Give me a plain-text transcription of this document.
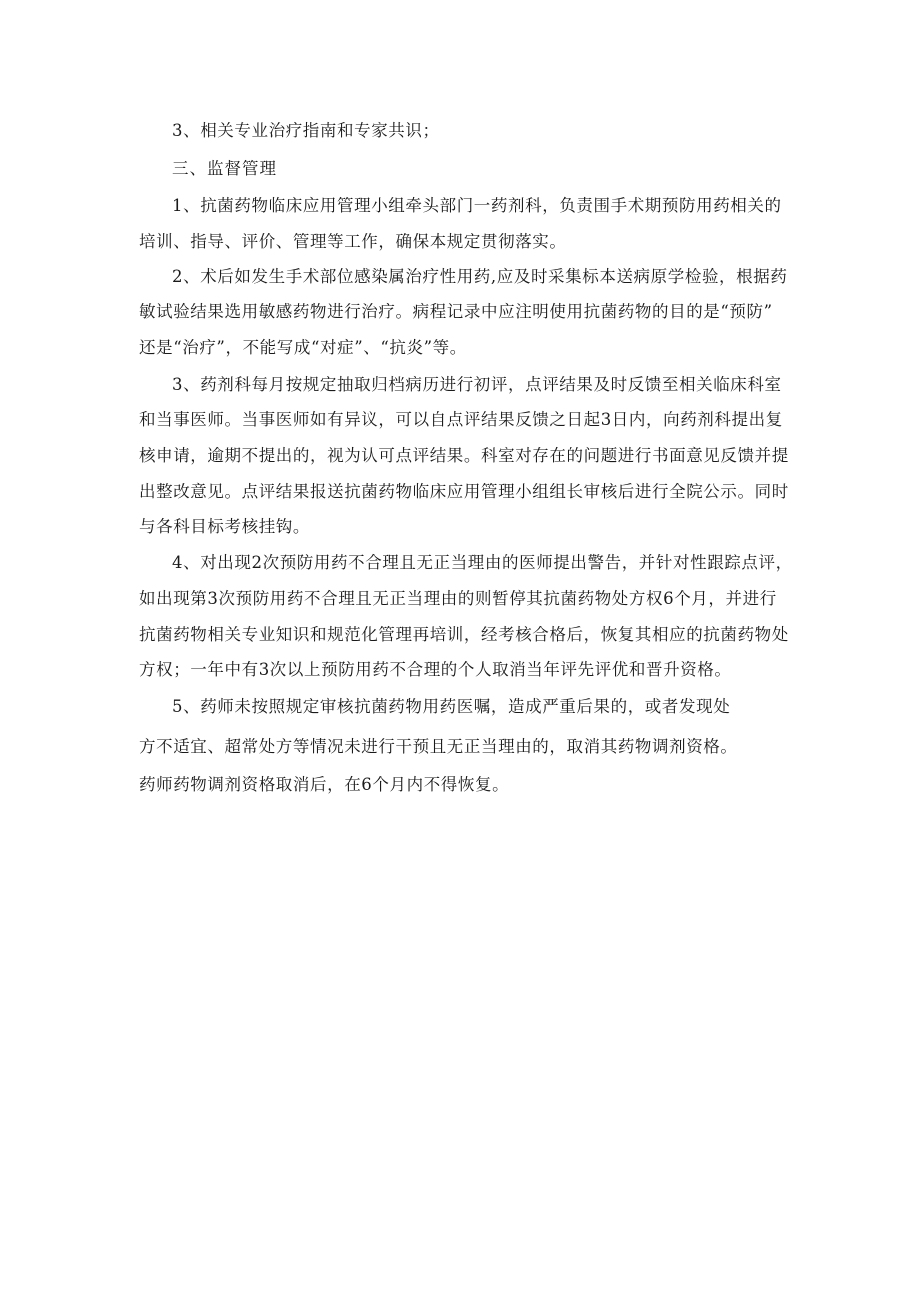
3、相关专业治疗指南和专家共识；
三、监督管理
1、抗菌药物临床应用管理小组牵头部门一药剂科，负责围手术期预防用药相关的
培训、指导、评价、管理等工作，确保本规定贯彻落实。
2、术后如发生手术部位感染属治疗性用药,应及时采集标本送病原学检验，根据药
敏试验结果选用敏感药物进行治疗。病程记录中应注明使用抗菌药物的目的是“预防”
还是“治疗”，不能写成“对症”、“抗炎”等。
3、药剂科每月按规定抽取归档病历进行初评，点评结果及时反馈至相关临床科室
和当事医师。当事医师如有异议，可以自点评结果反馈之日起3日内，向药剂科提出复
核申请，逾期不提出的，视为认可点评结果。科室对存在的问题进行书面意见反馈并提
出整改意见。点评结果报送抗菌药物临床应用管理小组组长审核后进行全院公示。同时
与各科目标考核挂钩。
4、对出现2次预防用药不合理且无正当理由的医师提出警告，并针对性跟踪点评，
如出现第3次预防用药不合理且无正当理由的则暂停其抗菌药物处方权6个月，并进行
抗菌药物相关专业知识和规范化管理再培训，经考核合格后，恢复其相应的抗菌药物处
方权；一年中有3次以上预防用药不合理的个人取消当年评先评优和晋升资格。
5、药师未按照规定审核抗菌药物用药医嘱，造成严重后果的，或者发现处
方不适宜、超常处方等情况未进行干预且无正当理由的，取消其药物调剂资格。
药师药物调剂资格取消后，在6个月内不得恢复。
